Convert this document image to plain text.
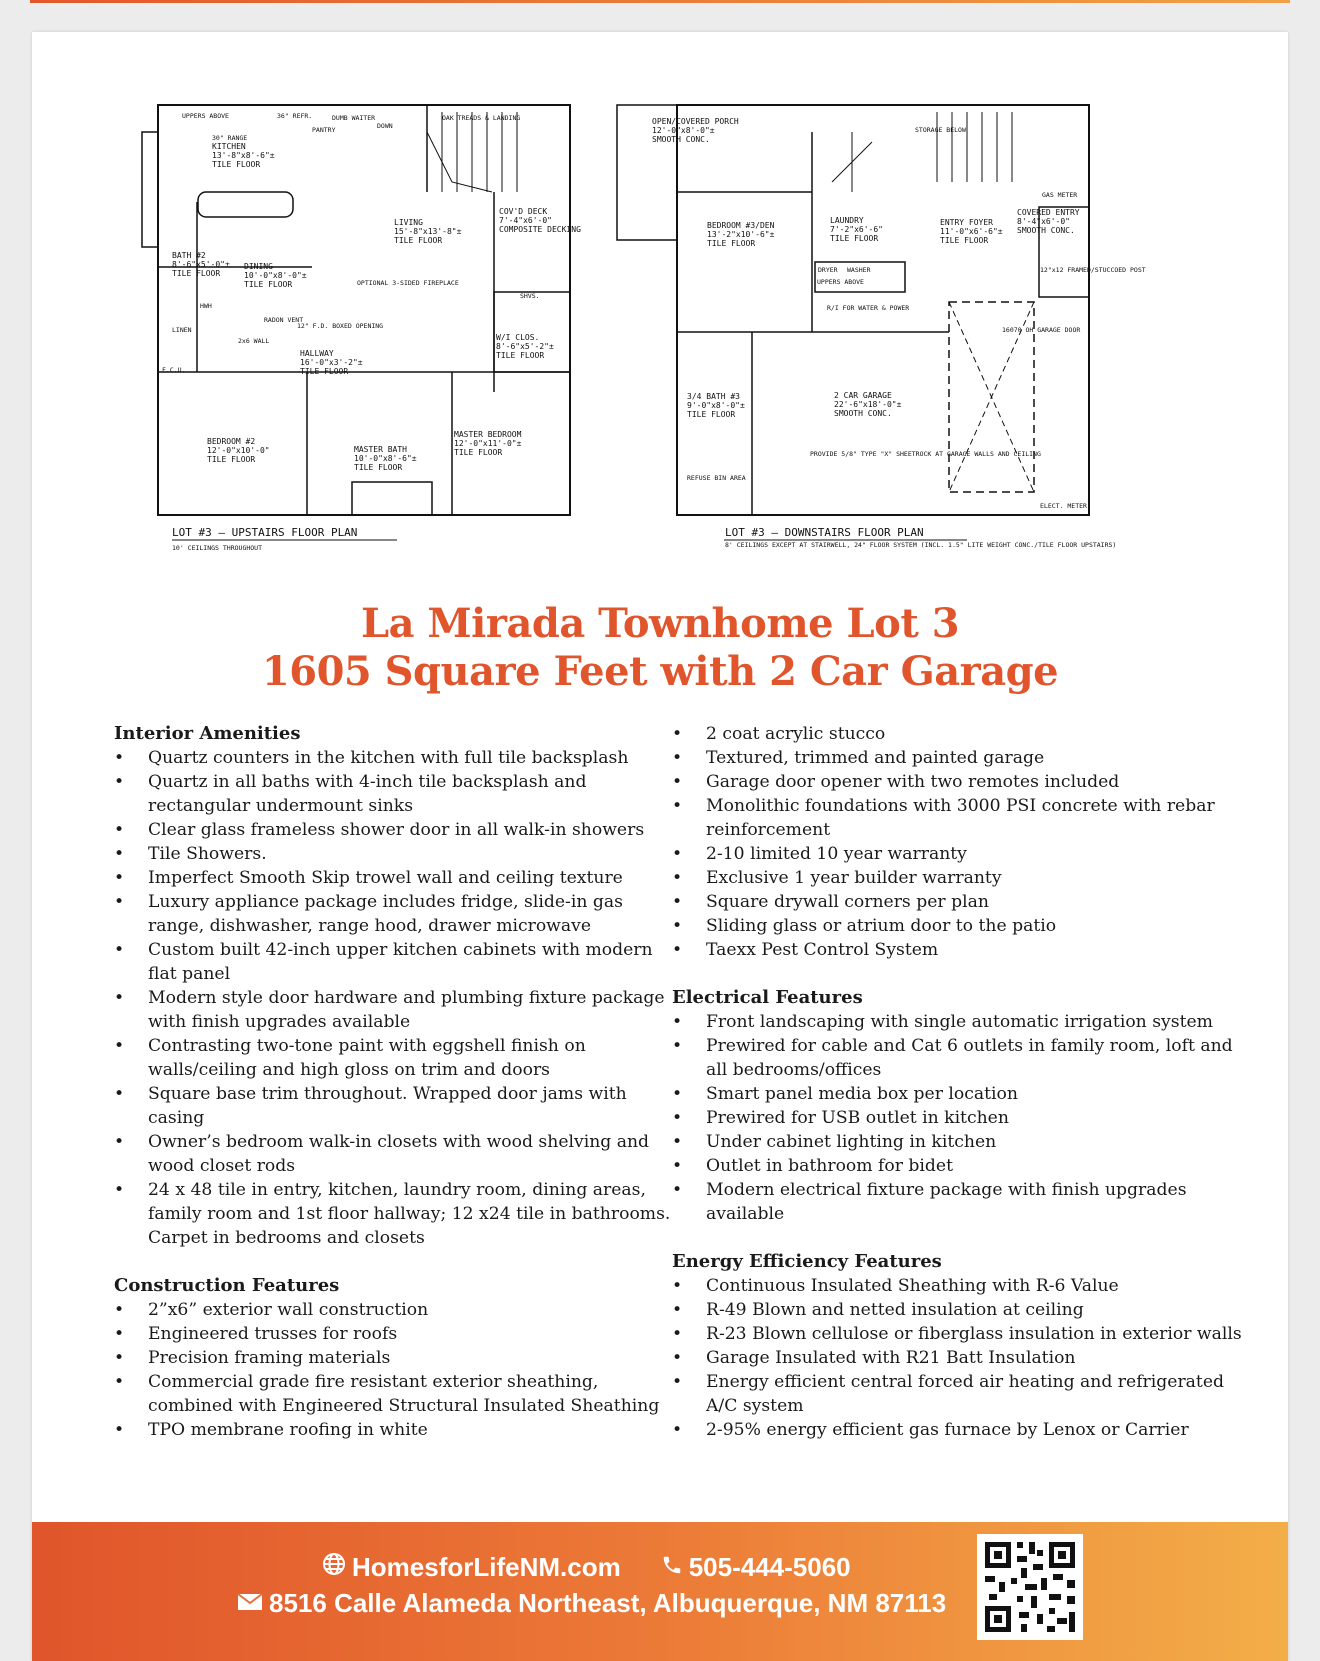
KITCHEN
13'-8"x8'-6"±
TILE FLOOR
LIVING
15'-8"x13'-8"±
TILE FLOOR
DINING
10'-0"x8'-0"±
TILE FLOOR
BATH #2
8'-6"x5'-0"±
TILE FLOOR
HALLWAY
16'-0"x3'-2"±
TILE FLOOR
BEDROOM #2
12'-0"x10'-0"
TILE FLOOR
MASTER BATH
10'-0"x8'-6"±
TILE FLOOR
MASTER BEDROOM
12'-0"x11'-0"±
TILE FLOOR
W/I CLOS.
8'-6"x5'-2"±
TILE FLOOR
COV'D DECK
7'-4"x6'-0"
COMPOSITE DECKING
UPPERS ABOVE	36" REFR.
30" RANGE
DOWN
OAK TREADS & LANDING
OPTIONAL 3-SIDED FIREPLACE
RADON VENT
12" F.D. BOXED OPENING
2x6 WALL
SHVS.
F.C.U.
LINEN
HWH
PANTRY
DUMB WAITER
LOT #3 — UPSTAIRS FLOOR PLAN
10' CEILINGS THROUGHOUT
OPEN/COVERED PORCH
12'-0"x8'-0"±
SMOOTH CONC.
BEDROOM #3/DEN
13'-2"x10'-6"±
TILE FLOOR
LAUNDRY
7'-2"x6'-6"
TILE FLOOR
ENTRY FOYER
11'-0"x6'-6"±
TILE FLOOR
COVERED ENTRY
8'-4"x6'-0"
SMOOTH CONC.
3/4 BATH #3
9'-0"x8'-0"±
TILE FLOOR
2 CAR GARAGE
22'-6"x18'-0"±
SMOOTH CONC.
STORAGE BELOW
DRYER WASHER
UPPERS ABOVE
R/I FOR WATER & POWER
REFUSE BIN AREA
PROVIDE 5/8" TYPE "X" SHEETROCK AT GARAGE WALLS AND CEILING
16070 OH GARAGE DOOR
ELECT. METER
GAS METER
12"x12 FRAMED/STUCCOED POST
LOT #3 — DOWNSTAIRS FLOOR PLAN
8' CEILINGS EXCEPT AT STAIRWELL, 24" FLOOR SYSTEM (INCL. 1.5" LITE WEIGHT CONC./TILE FLOOR UPSTAIRS)
La Mirada Townhome Lot 3
1605 Square Feet with 2 Car Garage

Interior Amenities

• Quartz counters in the kitchen with full tile backsplash
• Quartz in all baths with 4-inch tile backsplash and rectangular undermount sinks
• Clear glass frameless shower door in all walk-in showers
• Tile Showers.
• Imperfect Smooth Skip trowel wall and ceiling texture
• Luxury appliance package includes fridge, slide-in gas range, dishwasher, range hood, drawer microwave
• Custom built 42-inch upper kitchen cabinets with modern flat panel
• Modern style door hardware and plumbing fixture package with finish upgrades available
• Contrasting two-tone paint with eggshell finish on walls/ceiling and high gloss on trim and doors
• Square base trim throughout. Wrapped door jams with casing
• Owner’s bedroom walk-in closets with wood shelving and wood closet rods
• 24 x 48 tile in entry, kitchen, laundry room, dining areas, family room and 1st floor hallway; 12 x24 tile in bathrooms. Carpet in bedrooms and closets

Construction Features

• 2”x6” exterior wall construction
• Engineered trusses for roofs
• Precision framing materials
• Commercial grade fire resistant exterior sheathing, combined with Engineered Structural Insulated Sheathing
• TPO membrane roofing in white
• 2 coat acrylic stucco
• Textured, trimmed and painted garage
• Garage door opener with two remotes included
• Monolithic foundations with 3000 PSI concrete with rebar reinforcement
• 2-10 limited 10 year warranty
• Exclusive 1 year builder warranty
• Square drywall corners per plan
• Sliding glass or atrium door to the patio
• Taexx Pest Control System

Electrical Features

• Front landscaping with single automatic irrigation system
• Prewired for cable and Cat 6 outlets in family room, loft and all bedrooms/offices
• Smart panel media box per location
• Prewired for USB outlet in kitchen
• Under cabinet lighting in kitchen
• Outlet in bathroom for bidet
• Modern electrical fixture package with finish upgrades available

Energy Efficiency Features

• Continuous Insulated Sheathing with R-6 Value
• R-49 Blown and netted insulation at ceiling
• R-23 Blown cellulose or fiberglass insulation in exterior walls
• Garage Insulated with R21 Batt Insulation
• Energy efficient central forced air heating and refrigerated A/C system
• 2-95% energy efficient gas furnace by Lenox or Carrier
HomesforLifeNM.com	505-444-5060
8516 Calle Alameda Northeast, Albuquerque, NM 87113
